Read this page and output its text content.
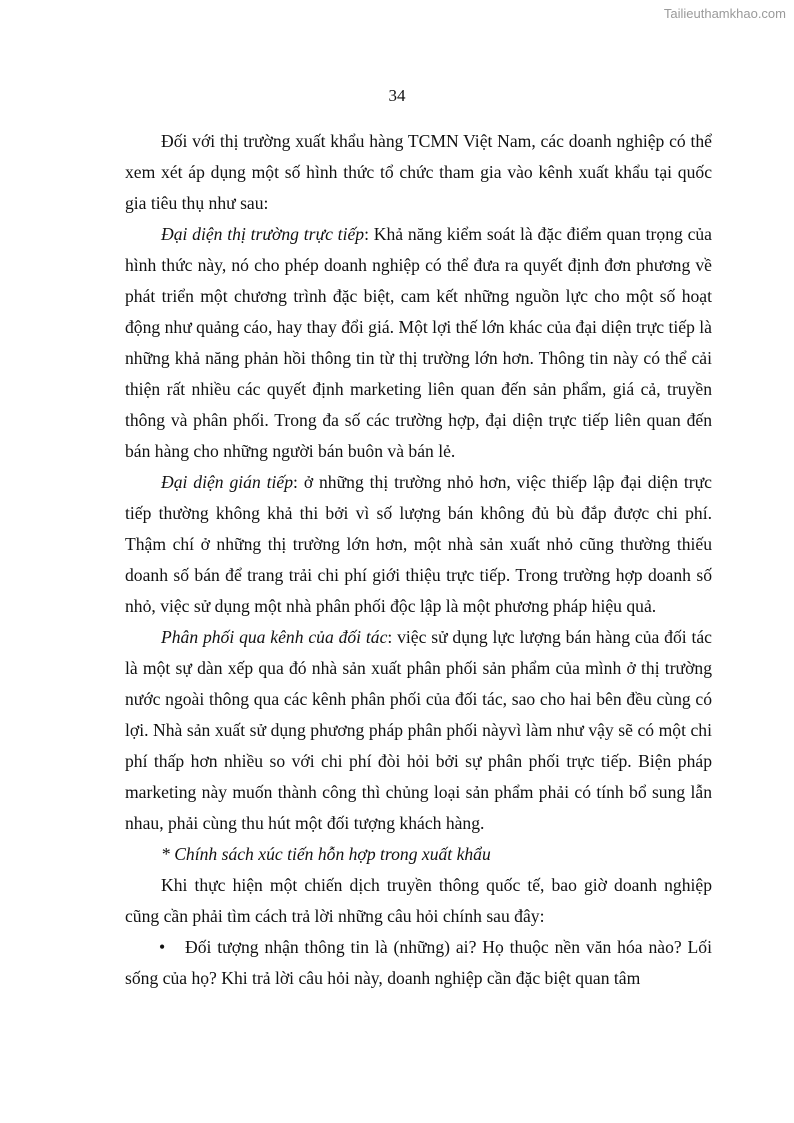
Tailieuthamkhao.com
34

Đối với thị trường xuất khẩu hàng TCMN Việt Nam, các doanh nghiệp có thể xem xét áp dụng một số hình thức tổ chức tham gia vào kênh xuất khẩu tại quốc gia tiêu thụ như sau:

Đại diện thị trường trực tiếp: Khả năng kiểm soát là đặc điểm quan trọng của hình thức này, nó cho phép doanh nghiệp có thể đưa ra quyết định đơn phương về phát triển một chương trình đặc biệt, cam kết những nguồn lực cho một số hoạt động như quảng cáo, hay thay đổi giá. Một lợi thế lớn khác của đại diện trực tiếp là những khả năng phản hồi thông tin từ thị trường lớn hơn. Thông tin này có thể cải thiện rất nhiều các quyết định marketing liên quan đến sản phẩm, giá cả, truyền thông và phân phối. Trong đa số các trường hợp, đại diện trực tiếp liên quan đến bán hàng cho những người bán buôn và bán lẻ.

Đại diện gián tiếp: ở những thị trường nhỏ hơn, việc thiếp lập đại diện trực tiếp thường không khả thi bởi vì số lượng bán không đủ bù đắp được chi phí. Thậm chí ở những thị trường lớn hơn, một nhà sản xuất nhỏ cũng thường thiếu doanh số bán để trang trải chi phí giới thiệu trực tiếp. Trong trường hợp doanh số nhỏ, việc sử dụng một nhà phân phối độc lập là một phương pháp hiệu quả.

Phân phối qua kênh của đối tác: việc sử dụng lực lượng bán hàng của đối tác là một sự dàn xếp qua đó nhà sản xuất phân phối sản phẩm của mình ở thị trường nước ngoài thông qua các kênh phân phối của đối tác, sao cho hai bên đều cùng có lợi. Nhà sản xuất sử dụng phương pháp phân phối nàyvì làm như vậy sẽ có một chi phí thấp hơn nhiều so với chi phí đòi hỏi bởi sự phân phối trực tiếp. Biện pháp marketing này muốn thành công thì chủng loại sản phẩm phải có tính bổ sung lẫn nhau, phải cùng thu hút một đối tượng khách hàng.

* Chính sách xúc tiến hỗn hợp trong xuất khẩu

Khi thực hiện một chiến dịch truyền thông quốc tế, bao giờ doanh nghiệp cũng cần phải tìm cách trả lời những câu hỏi chính sau đây:

• Đối tượng nhận thông tin là (những) ai? Họ thuộc nền văn hóa nào? Lối sống của họ? Khi trả lời câu hỏi này, doanh nghiệp cần đặc biệt quan tâm
